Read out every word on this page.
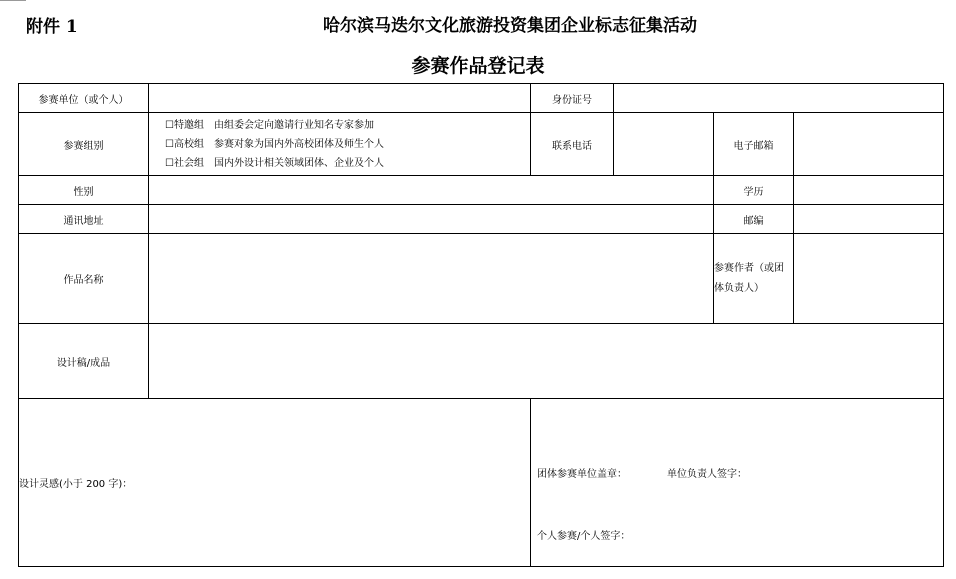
附件 1	哈尔滨马迭尔文化旅游投资集团企业标志征集活动
参赛作品登记表
参赛单位（或个人）		身份证号			
参赛组别	☐特邀组 由组委会定向邀请行业知名专家参加
☐高校组 参赛对象为国内外高校团体及师生个人
☐社会组 国内外设计相关领域团体、企业及个人	联系电话		电子邮箱	
性别				学历	
通讯地址				邮编	
作品名称				参赛作者（或团体负责人）	
设计稿/成品					
设计灵感(小于 200 字)：		团体参赛单位盖章： 单位负责人签字：
个人参赛/个人签字：			
